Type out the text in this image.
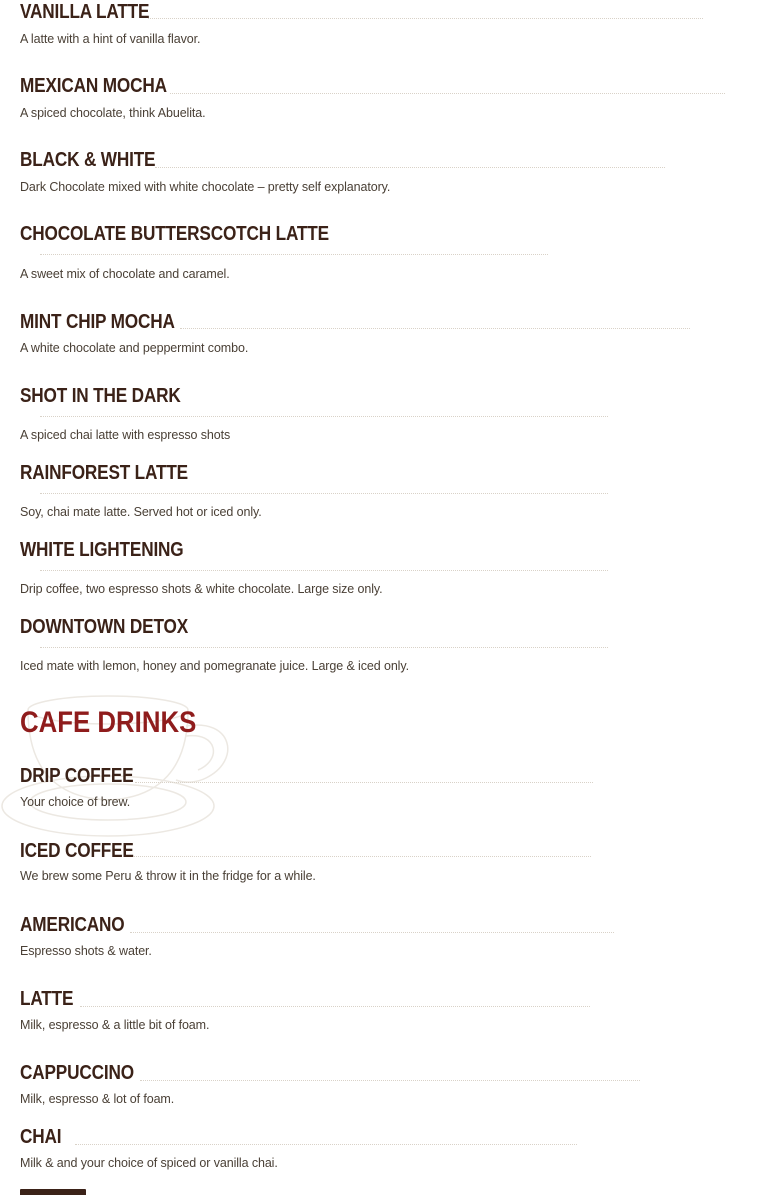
VANILLA LATTE
A latte with a hint of vanilla flavor.
MEXICAN MOCHA
A spiced chocolate, think Abuelita.
BLACK & WHITE
Dark Chocolate mixed with white chocolate – pretty self explanatory.
CHOCOLATE BUTTERSCOTCH LATTE
A sweet mix of chocolate and caramel.
MINT CHIP MOCHA
A white chocolate and peppermint combo.
SHOT IN THE DARK
A spiced chai latte with espresso shots
RAINFOREST LATTE
Soy, chai mate latte. Served hot or iced only.
WHITE LIGHTENING
Drip coffee, two espresso shots & white chocolate. Large size only.
DOWNTOWN DETOX
Iced mate with lemon, honey and pomegranate juice. Large & iced only.
CAFE DRINKS
DRIP COFFEE
Your choice of brew.
ICED COFFEE
We brew some Peru & throw it in the fridge for a while.
AMERICANO
Espresso shots & water.
LATTE
Milk, espresso & a little bit of foam.
CAPPUCCINO
Milk, espresso & lot of foam.
CHAI
Milk & and your choice of spiced or vanilla chai.
